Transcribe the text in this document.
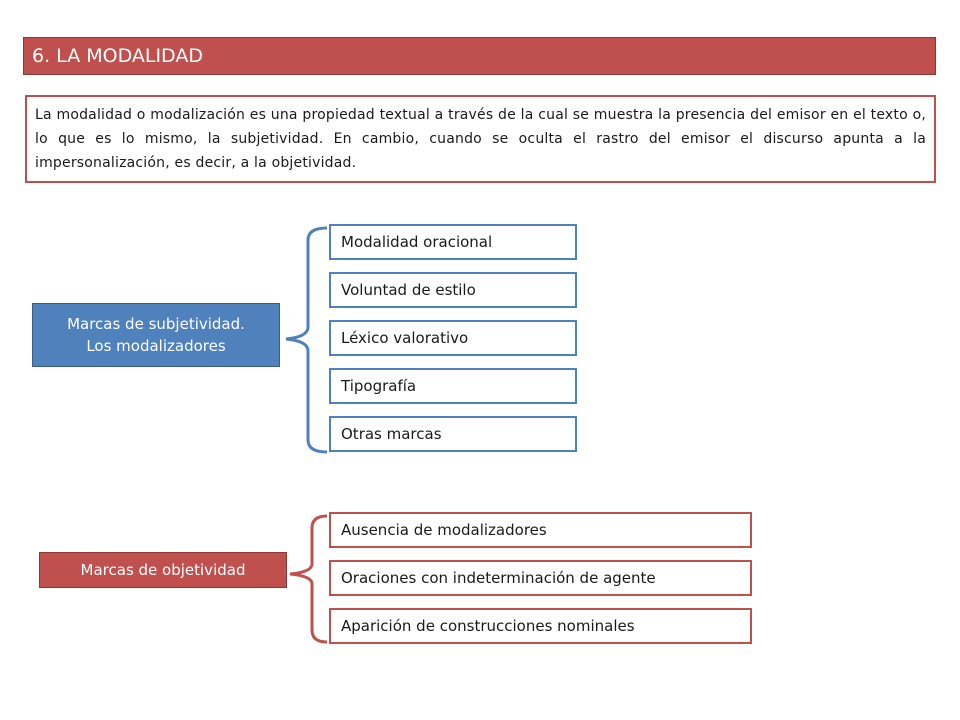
6. LA MODALIDAD
La modalidad o modalización es una propiedad textual a través de la cual se muestra la presencia del emisor en el texto o, lo que es lo mismo, la subjetividad. En cambio, cuando se oculta el rastro del emisor el discurso apunta a la impersonalización, es decir, a la objetividad.
Marcas de subjetividad.
Los modalizadores
Modalidad oracional
Voluntad de estilo
Léxico valorativo
Tipografía
Otras marcas
Marcas de objetividad
Ausencia de modalizadores
Oraciones con indeterminación de agente
Aparición de construcciones nominales
